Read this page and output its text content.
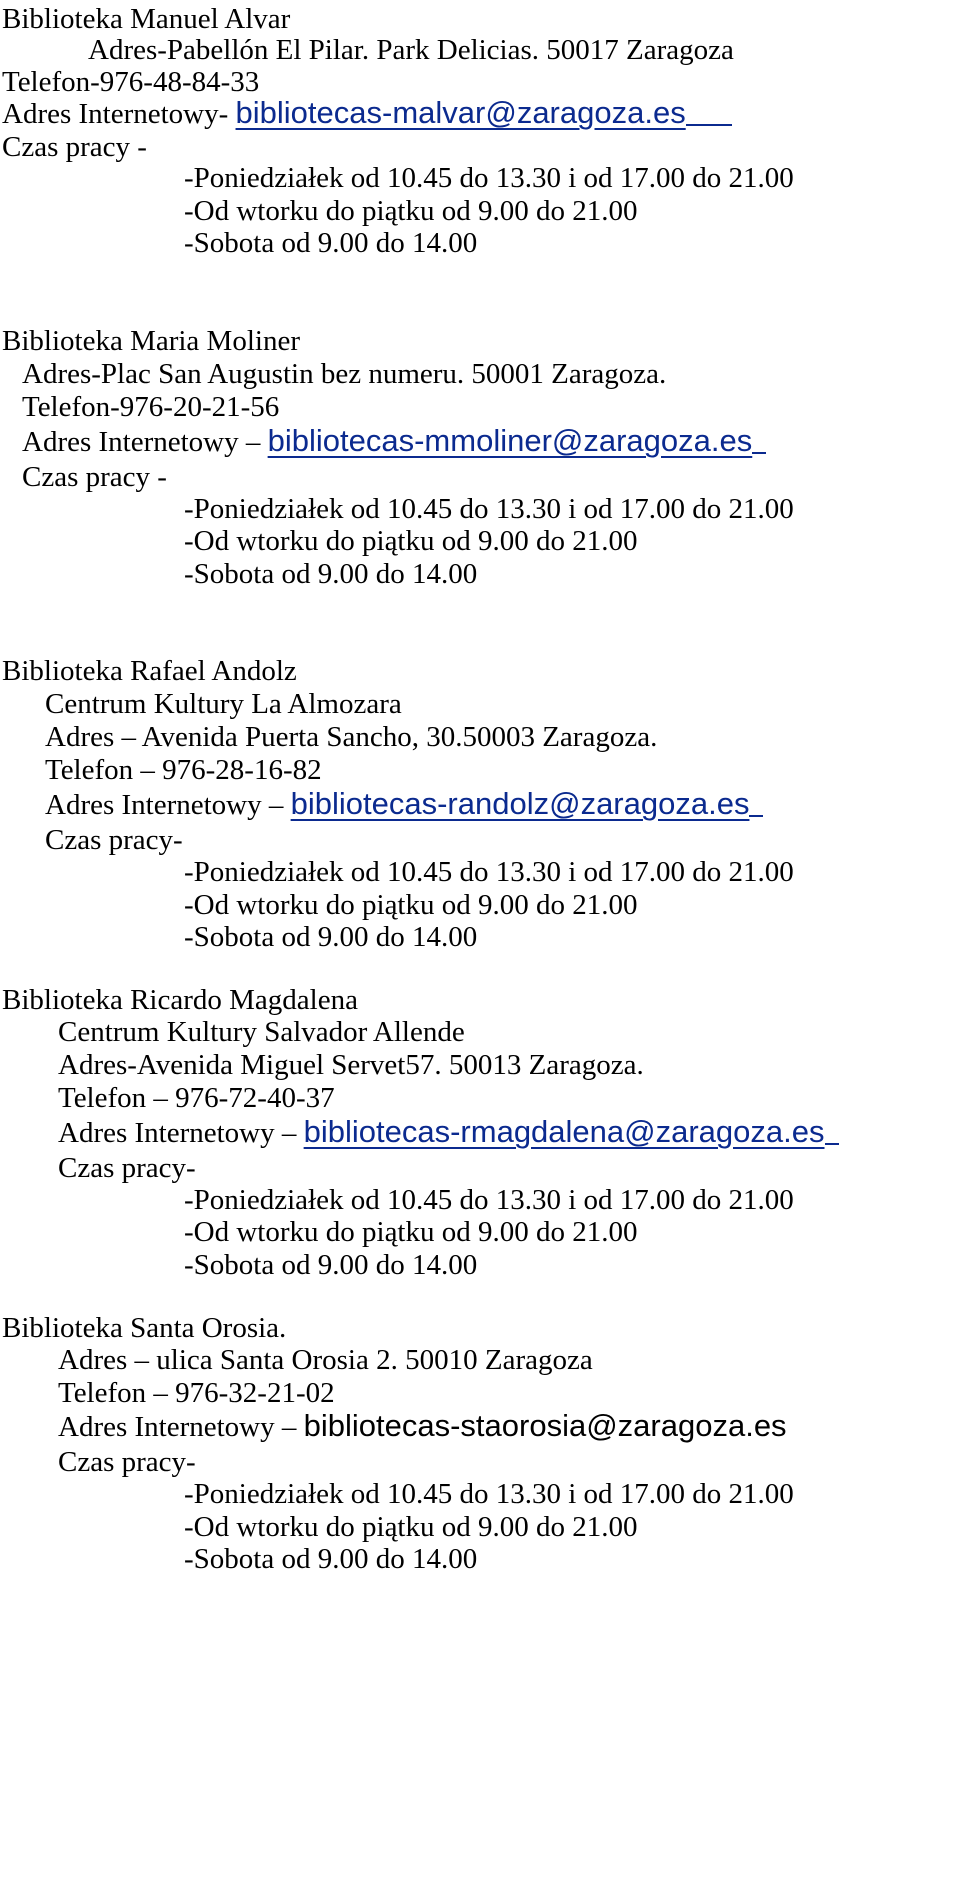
Biblioteka Manuel Alvar
Adres-Pabellón El Pilar. Park Delicias. 50017 Zaragoza
Telefon-976-48-84-33
Adres Internetowy- bibliotecas-malvar@zaragoza.es
Czas pracy -
-Poniedziałek od 10.45 do 13.30 i od 17.00 do 21.00
-Od wtorku do piątku od 9.00 do 21.00
-Sobota od 9.00 do 14.00
Biblioteka Maria Moliner
Adres-Plac San Augustin bez numeru. 50001 Zaragoza.
Telefon-976-20-21-56
Adres Internetowy – bibliotecas-mmoliner@zaragoza.es
Czas pracy -
-Poniedziałek od 10.45 do 13.30 i od 17.00 do 21.00
-Od wtorku do piątku od 9.00 do 21.00
-Sobota od 9.00 do 14.00
Biblioteka Rafael Andolz
Centrum Kultury La Almozara
Adres – Avenida Puerta Sancho, 30.50003 Zaragoza.
Telefon – 976-28-16-82
Adres Internetowy – bibliotecas-randolz@zaragoza.es
Czas pracy-
-Poniedziałek od 10.45 do 13.30 i od 17.00 do 21.00
-Od wtorku do piątku od 9.00 do 21.00
-Sobota od 9.00 do 14.00
Biblioteka Ricardo Magdalena
Centrum Kultury Salvador Allende
Adres-Avenida Miguel Servet57. 50013 Zaragoza.
Telefon – 976-72-40-37
Adres Internetowy – bibliotecas-rmagdalena@zaragoza.es
Czas pracy-
-Poniedziałek od 10.45 do 13.30 i od 17.00 do 21.00
-Od wtorku do piątku od 9.00 do 21.00
-Sobota od 9.00 do 14.00
Biblioteka Santa Orosia.
Adres – ulica Santa Orosia 2. 50010 Zaragoza
Telefon – 976-32-21-02
Adres Internetowy – bibliotecas-staorosia@zaragoza.es
Czas pracy-
-Poniedziałek od 10.45 do 13.30 i od 17.00 do 21.00
-Od wtorku do piątku od 9.00 do 21.00
-Sobota od 9.00 do 14.00
